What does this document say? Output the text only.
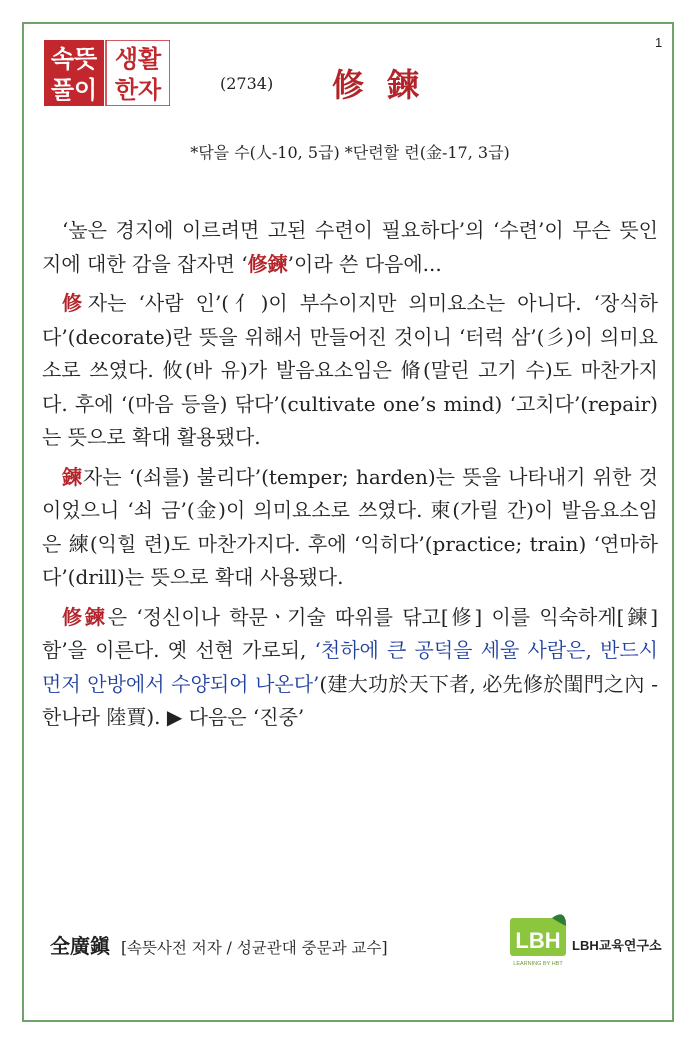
1
속뜻
풀이
생활
한자	(2734) 修 鍊
*닦을 수(人-10, 5급) *단련할 련(金-17, 3급)

‘높은 경지에 이르려면 고된 수련이 필요하다’의 ‘수련’이 무슨 뜻인지에 대한 감을 잡자면 ‘修鍊’이라 쓴 다음에...

修자는 ‘사람 인’(亻)이 부수이지만 의미요소는 아니다. ‘장식하다’(decorate)란 뜻을 위해서 만들어진 것이니 ‘터럭 삼’(彡)이 의미요소로 쓰였다. 攸(바 유)가 발음요소임은 脩(말린 고기 수)도 마찬가지다. 후에 ‘(마음 등을) 닦다’(cultivate one’s mind) ‘고치다’(repair)는 뜻으로 확대 활용됐다.

鍊자는 ‘(쇠를) 불리다’(temper; harden)는 뜻을 나타내기 위한 것이었으니 ‘쇠 금’(金)이 의미요소로 쓰였다. 柬(가릴 간)이 발음요소임은 練(익힐 련)도 마찬가지다. 후에 ‘익히다’(practice; train) ‘연마하다’(drill)는 뜻으로 확대 사용됐다.

修鍊은 ‘정신이나 학문ㆍ기술 따위를 닦고[修] 이를 익숙하게[鍊] 함’을 이른다. 옛 선현 가로되, ‘천하에 큰 공덕을 세울 사람은, 반드시 먼저 안방에서 수양되어 나온다’(建大功於天下者, 必先修於閨門之內 - 한나라 陸賈). ▶ 다음은 ‘진중’

全廣鎭 [속뜻사전 저자 / 성균관대 중문과 교수]	LBH
LEARNING BY HBT
LBH교육연구소
